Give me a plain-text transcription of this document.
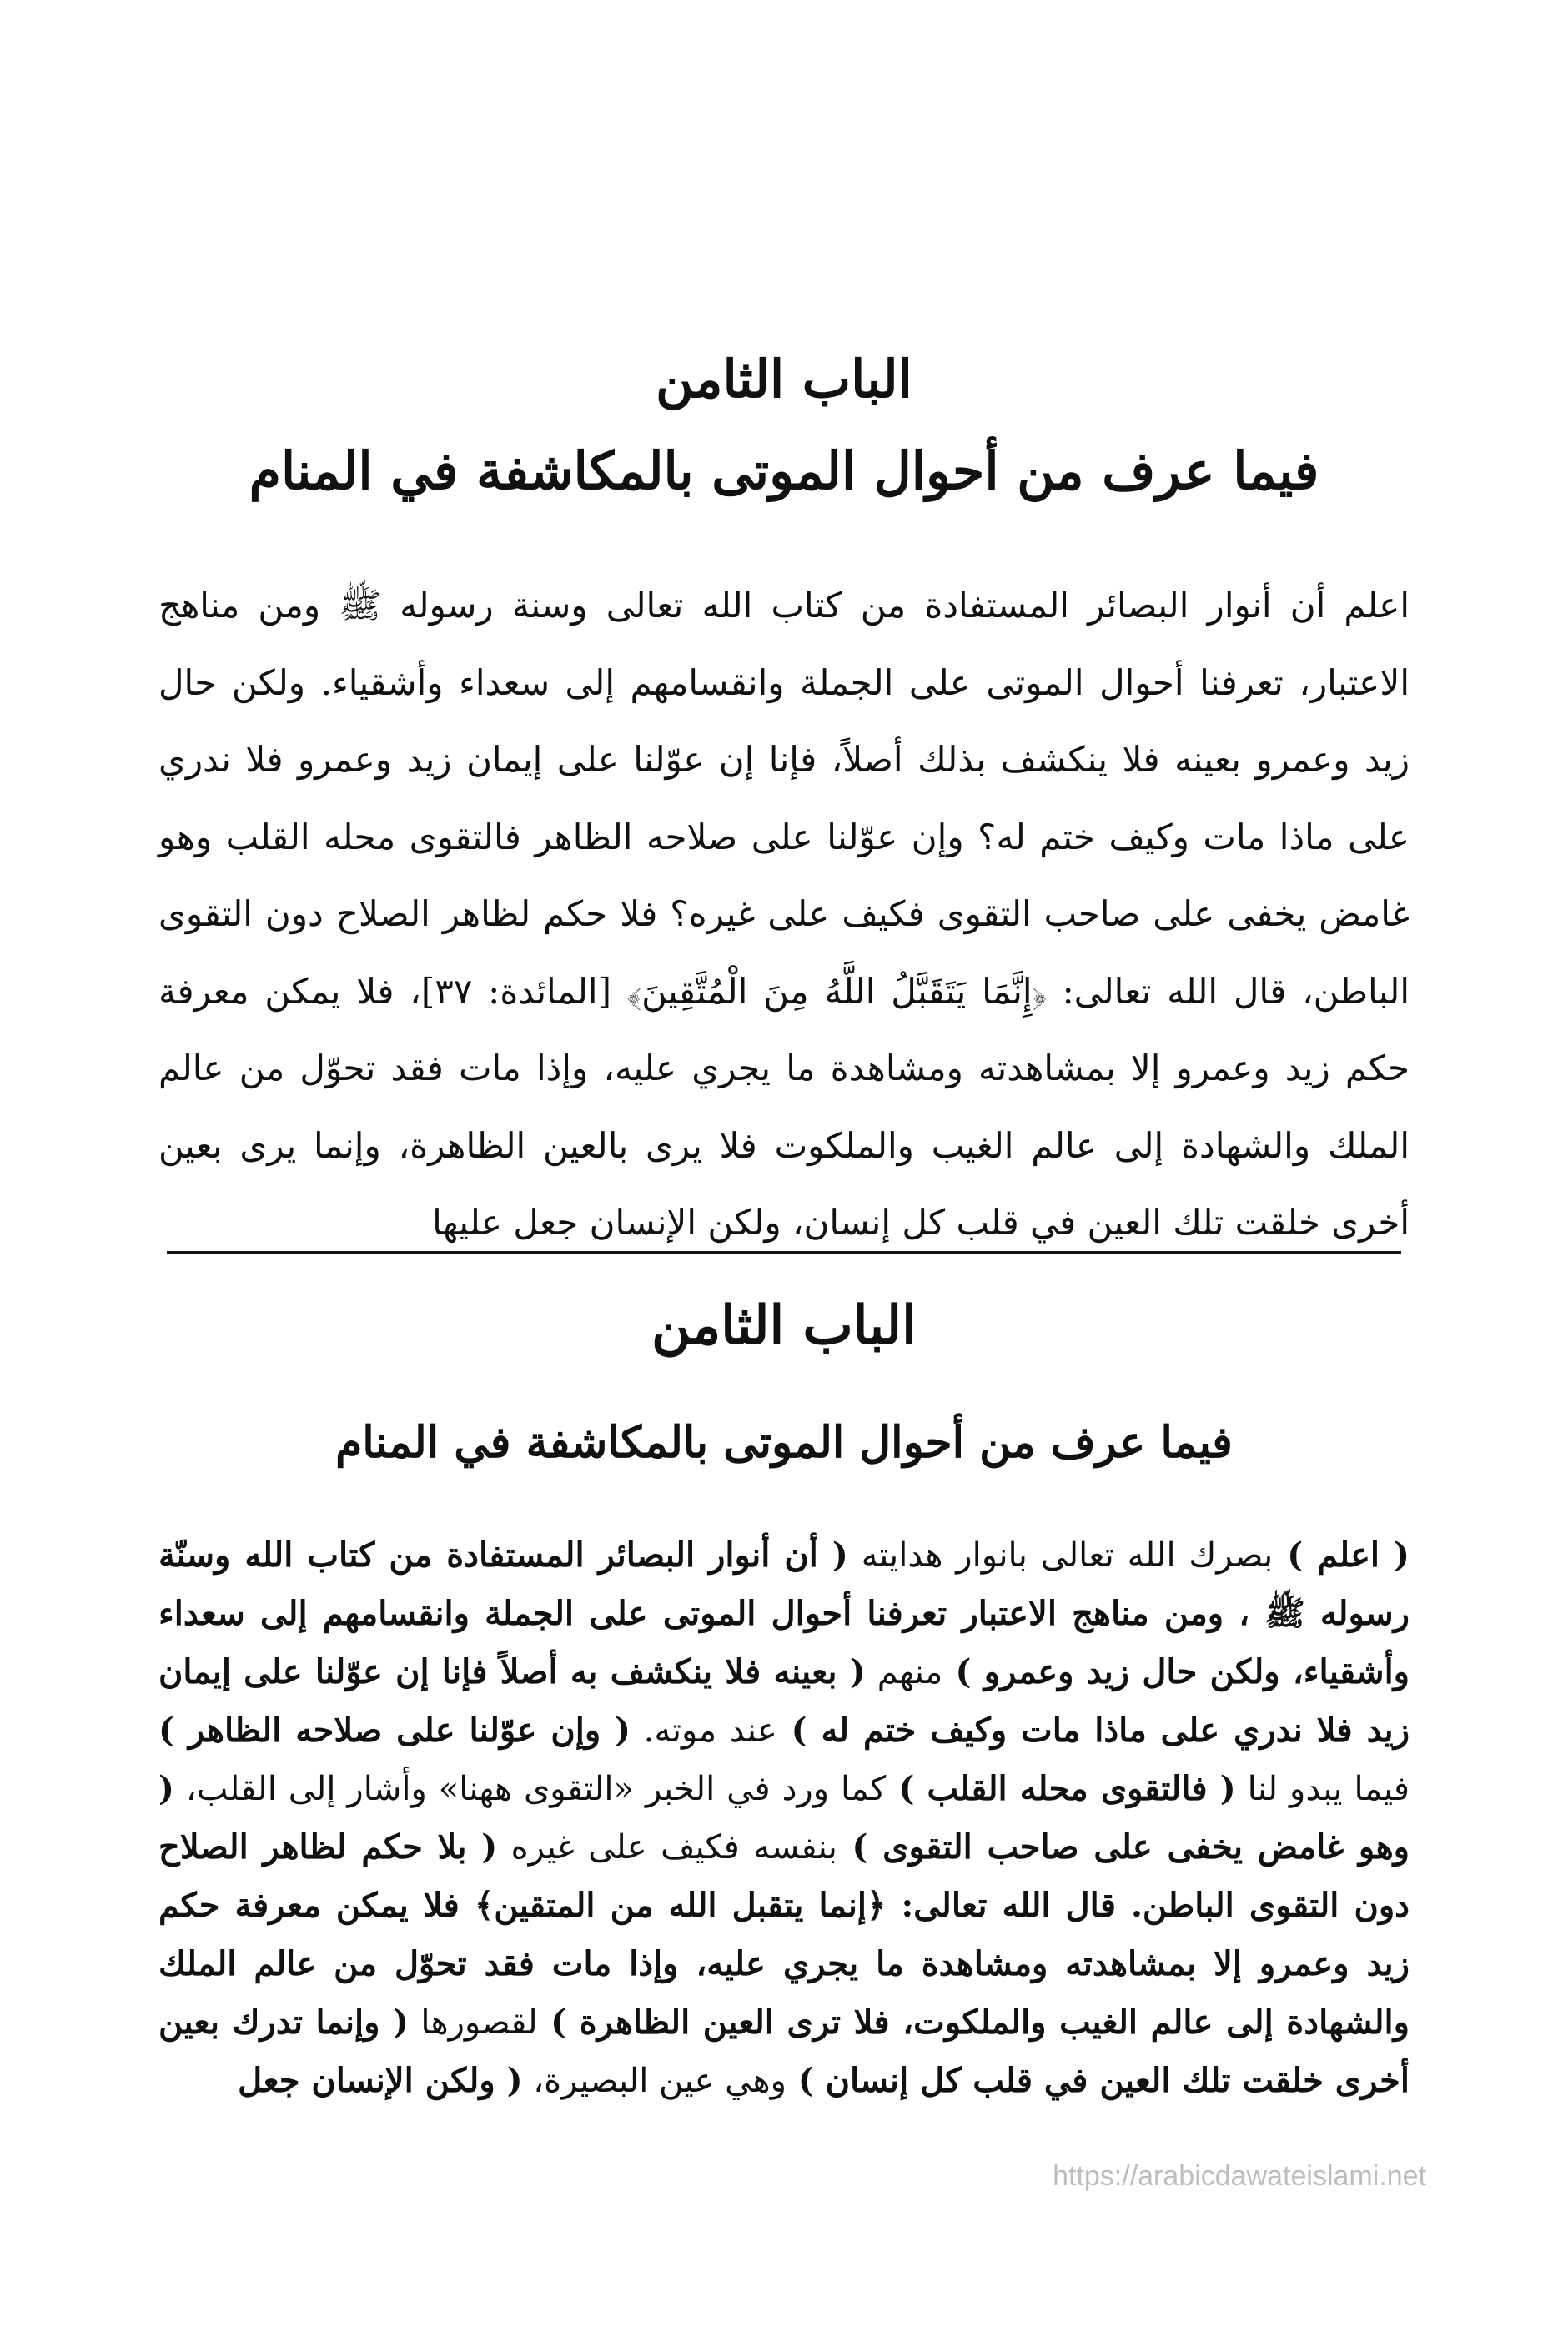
الباب الثامن
فيما عرف من أحوال الموتى بالمكاشفة في المنام

اعلم أن أنوار البصائر المستفادة من كتاب الله تعالى وسنة رسوله ﷺ ومن مناهج الاعتبار، تعرفنا أحوال الموتى على الجملة وانقسامهم إلى سعداء وأشقياء. ولكن حال زيد وعمرو بعينه فلا ينكشف بذلك أصلاً، فإنا إن عوّلنا على إيمان زيد وعمرو فلا ندري على ماذا مات وكيف ختم له؟ وإن عوّلنا على صلاحه الظاهر فالتقوى محله القلب وهو غامض يخفى على صاحب التقوى فكيف على غيره؟ فلا حكم لظاهر الصلاح دون التقوى الباطن، قال الله تعالى: ﴿إِنَّمَا يَتَقَبَّلُ اللَّهُ مِنَ الْمُتَّقِينَ﴾ [المائدة: ٣٧]، فلا يمكن معرفة حكم زيد وعمرو إلا بمشاهدته ومشاهدة ما يجري عليه، وإذا مات فقد تحوّل من عالم الملك والشهادة إلى عالم الغيب والملكوت فلا يرى بالعين الظاهرة، وإنما يرى بعين أخرى خلقت تلك العين في قلب كل إنسان، ولكن الإنسان جعل عليها

الباب الثامن
فيما عرف من أحوال الموتى بالمكاشفة في المنام

( اعلم ) بصرك الله تعالى بانوار هدايته ( أن أنوار البصائر المستفادة من كتاب الله وسنّة رسوله ﷺ ، ومن مناهج الاعتبار تعرفنا أحوال الموتى على الجملة وانقسامهم إلى سعداء وأشقياء، ولكن حال زيد وعمرو ) منهم ( بعينه فلا ينكشف به أصلاً فإنا إن عوّلنا على إيمان زيد فلا ندري على ماذا مات وكيف ختم له ) عند موته. ( وإن عوّلنا على صلاحه الظاهر ) فيما يبدو لنا ( فالتقوى محله القلب ) كما ورد في الخبر «التقوى ههنا» وأشار إلى القلب، ( وهو غامض يخفى على صاحب التقوى ) بنفسه فكيف على غيره ( بلا حكم لظاهر الصلاح دون التقوى الباطن. قال الله تعالى: ﴿إنما يتقبل الله من المتقين﴾ فلا يمكن معرفة حكم زيد وعمرو إلا بمشاهدته ومشاهدة ما يجري عليه، وإذا مات فقد تحوّل من عالم الملك والشهادة إلى عالم الغيب والملكوت، فلا ترى العين الظاهرة ) لقصورها ( وإنما تدرك بعين أخرى خلقت تلك العين في قلب كل إنسان ) وهي عين البصيرة، ( ولكن الإنسان جعل

https://arabicdawateislami.net
